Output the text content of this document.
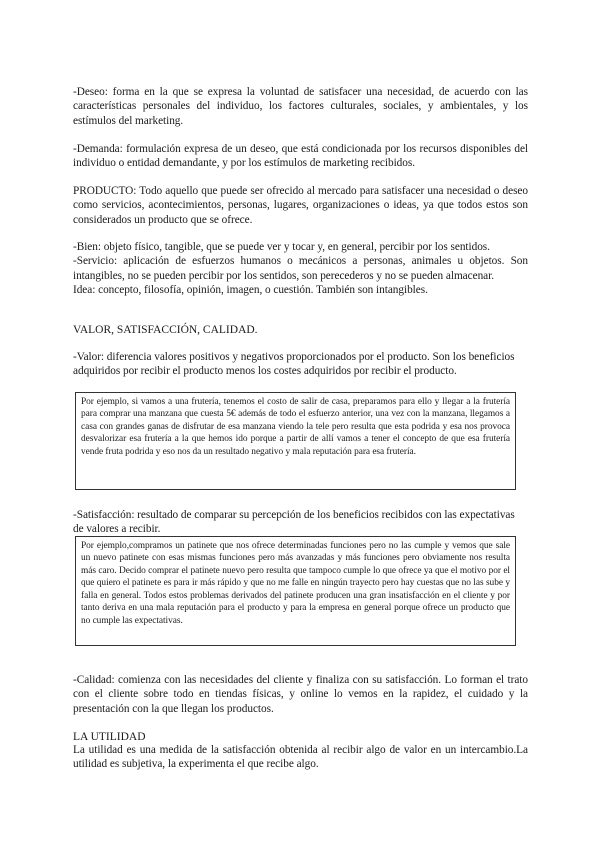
-Deseo: forma en la que se expresa la voluntad de satisfacer una necesidad, de acuerdo con las características personales del individuo, los factores culturales, sociales, y ambientales, y los estímulos del marketing.

-Demanda: formulación expresa de un deseo, que está condicionada por los recursos disponibles del individuo o entidad demandante, y por los estímulos de marketing recibidos.

PRODUCTO: Todo aquello que puede ser ofrecido al mercado para satisfacer una necesidad o deseo como servicios, acontecimientos, personas, lugares, organizaciones o ideas, ya que todos estos son considerados un producto que se ofrece.

-Bien: objeto físico, tangible, que se puede ver y tocar y, en general, percibir por los sentidos.

-Servicio: aplicación de esfuerzos humanos o mecánicos a personas, animales u objetos. Son intangibles, no se pueden percibir por los sentidos, son perecederos y no se pueden almacenar.

Idea: concepto, filosofía, opinión, imagen, o cuestión. También son intangibles.

VALOR, SATISFACCIÓN, CALIDAD.

-Valor: diferencia valores positivos y negativos proporcionados por el producto. Son los beneficios adquiridos por recibir el producto menos los costes adquiridos por recibir el producto.

Por ejemplo, si vamos a una frutería, tenemos el costo de salir de casa, preparamos para ello y llegar a la frutería para comprar una manzana que cuesta 5€ además de todo el esfuerzo anterior, una vez con la manzana, llegamos a casa con grandes ganas de disfrutar de esa manzana viendo la tele pero resulta que esta podrida y esa nos provoca desvalorizar esa frutería a la que hemos ido porque a partir de allí vamos a tener el concepto de que esa frutería vende fruta podrida y eso nos da un resultado negativo y mala reputación para esa frutería.

-Satisfacción: resultado de comparar su percepción de los beneficios recibidos con las expectativas de valores a recibir.

Por ejemplo,compramos un patinete que nos ofrece determinadas funciones pero no las cumple y vemos que sale un nuevo patinete con esas mismas funciones pero más avanzadas y más funciones pero obviamente nos resulta más caro. Decido comprar el patinete nuevo pero resulta que tampoco cumple lo que ofrece ya que el motivo por el que quiero el patinete es para ir más rápido y que no me falle en ningún trayecto pero hay cuestas que no las sube y falla en general. Todos estos problemas derivados del patinete producen una gran insatisfacción en el cliente y por tanto deriva en una mala reputación para el producto y para la empresa en general porque ofrece un producto que no cumple las expectativas.

-Calidad: comienza con las necesidades del cliente y finaliza con su satisfacción. Lo forman el trato con el cliente sobre todo en tiendas físicas, y online lo vemos en la rapidez, el cuidado y la presentación con la que llegan los productos.

LA UTILIDAD

La utilidad es una medida de la satisfacción obtenida al recibir algo de valor en un intercambio.La utilidad es subjetiva, la experimenta el que recibe algo.
